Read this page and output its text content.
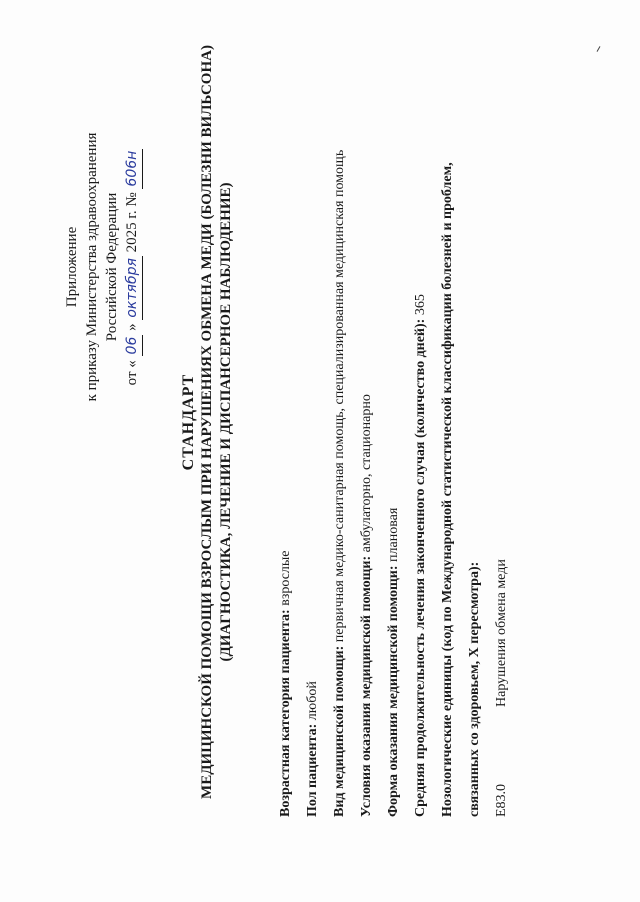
Приложение к приказу Министерства здравоохранения Российской Федерации
от « 06 » октября 2025 г. № 606н
СТАНДАРТ МЕДИЦИНСКОЙ ПОМОЩИ ВЗРОСЛЫМ ПРИ НАРУШЕНИЯХ ОБМЕНА МЕДИ (БОЛЕЗНИ ВИЛЬСОНА) (ДИАГНОСТИКА, ЛЕЧЕНИЕ И ДИСПАНСЕРНОЕ НАБЛЮДЕНИЕ)
Возрастная категория пациента: взрослые
Пол пациента: любой Вид медицинской помощи: первичная медико-санитарная помощь, специализированная медицинская помощь
Условия оказания медицинской помощи: амбулаторно, стационарно
Форма оказания медицинской помощи: плановая Средняя продолжительность лечения законченного случая (количество дней): 365 Нозологические единицы (код по Международной статистической классификации болезней и проблем, связанных со здоровьем, X пересмотра): E83.0
Нарушения обмена меди
